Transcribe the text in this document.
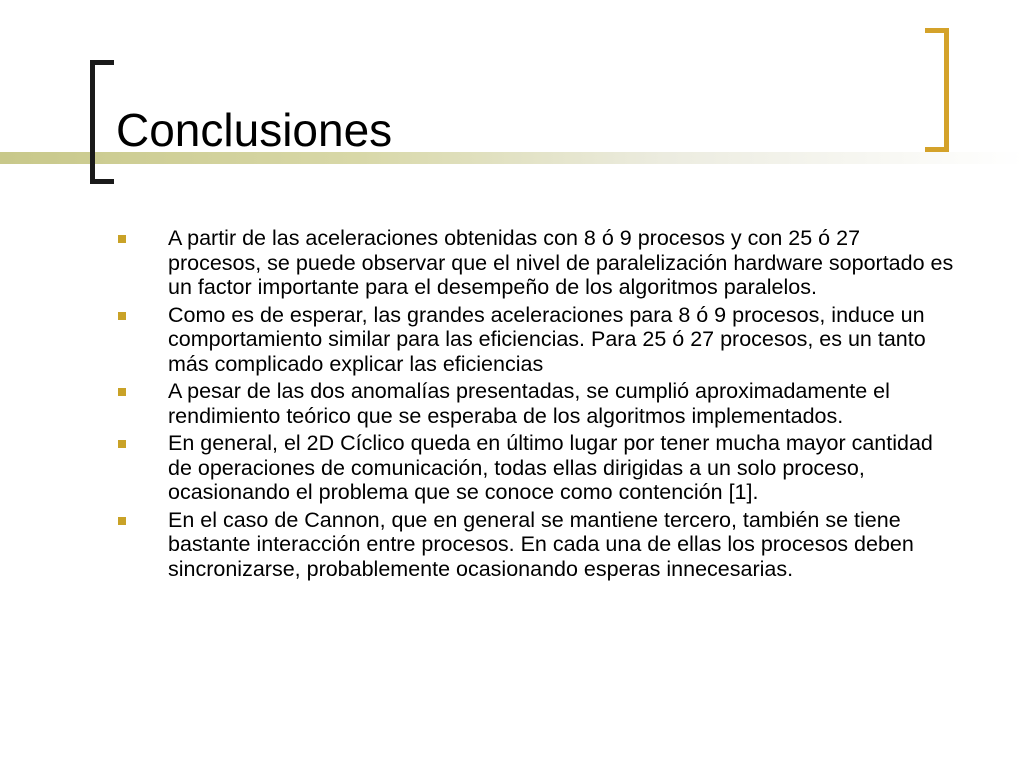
Conclusiones
A partir de las aceleraciones obtenidas con 8 ó 9 procesos y con 25 ó 27 procesos, se puede observar que el nivel de paralelización hardware soportado es un factor importante para el desempeño de los algoritmos paralelos.
Como es de esperar, las grandes aceleraciones para 8 ó 9 procesos, induce un comportamiento similar para las eficiencias. Para 25 ó 27 procesos, es un tanto más complicado explicar las eficiencias
A pesar de las dos anomalías presentadas, se cumplió aproximadamente el rendimiento teórico que se esperaba de los algoritmos implementados.
En general, el 2D Cíclico queda en último lugar por tener mucha mayor cantidad de operaciones de comunicación, todas ellas dirigidas a un solo proceso, ocasionando el problema que se conoce como contención [1].
En el caso de Cannon, que en general se mantiene tercero, también se tiene bastante interacción entre procesos. En cada una de ellas los procesos deben sincronizarse, probablemente ocasionando esperas innecesarias.
